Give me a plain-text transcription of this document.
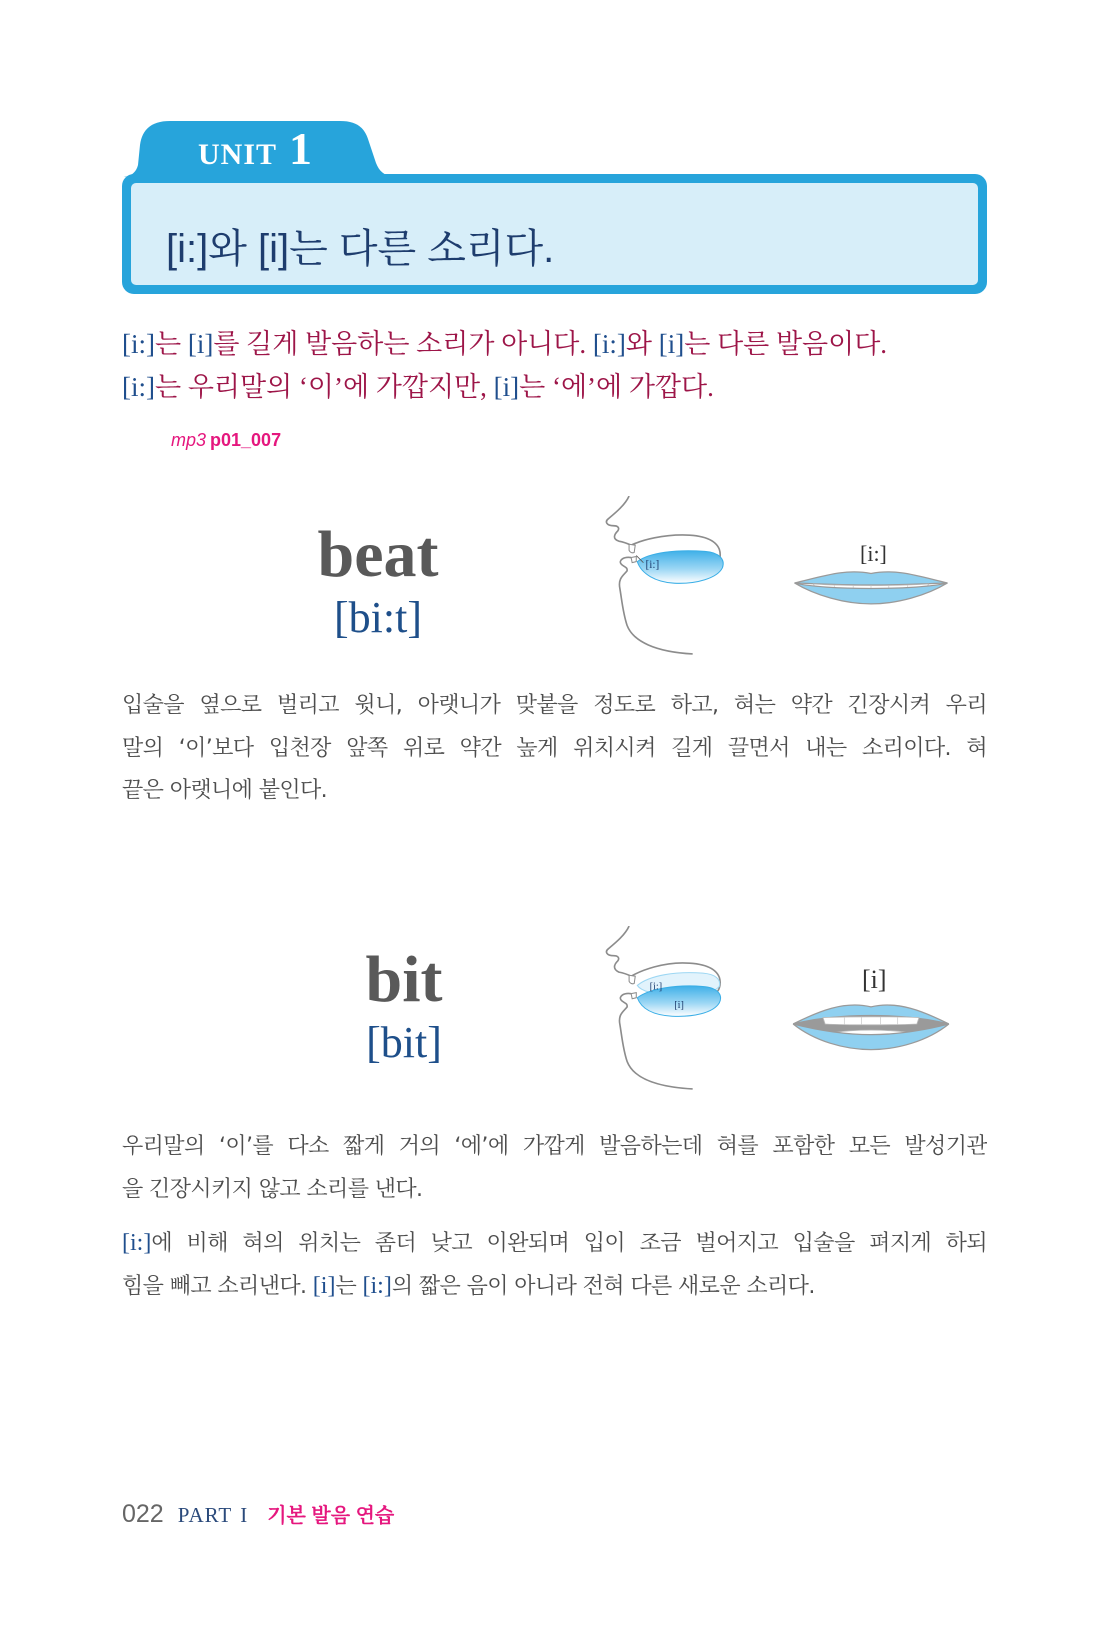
UNIT 1
[i:]와 [i]는 다른 소리다.
[i:]는 [i]를 길게 발음하는 소리가 아니다. [i:]와 [i]는 다른 발음이다.
[i:]는 우리말의 ‘이’에 가깝지만, [i]는 ‘에’에 가깝다.
mp3 p01_007
beat
[bi:t]
[i:]	[i:]
입술을 옆으로 벌리고 윗니, 아랫니가 맞붙을 정도로 하고, 혀는 약간 긴장시켜 우리
말의 ‘이’보다 입천장 앞쪽 위로 약간 높게 위치시켜 길게 끌면서 내는 소리이다. 혀
끝은 아랫니에 붙인다.
bit
[bit]
[i:]
[i]
[i]
우리말의 ‘이’를 다소 짧게 거의 ‘에’에 가깝게 발음하는데 혀를 포함한 모든 발성기관
을 긴장시키지 않고 소리를 낸다.
[i:]에 비해 혀의 위치는 좀더 낮고 이완되며 입이 조금 벌어지고 입술을 펴지게 하되
힘을 빼고 소리낸다. [i]는 [i:]의 짧은 음이 아니라 전혀 다른 새로운 소리다.
022 PART I 기본 발음 연습
